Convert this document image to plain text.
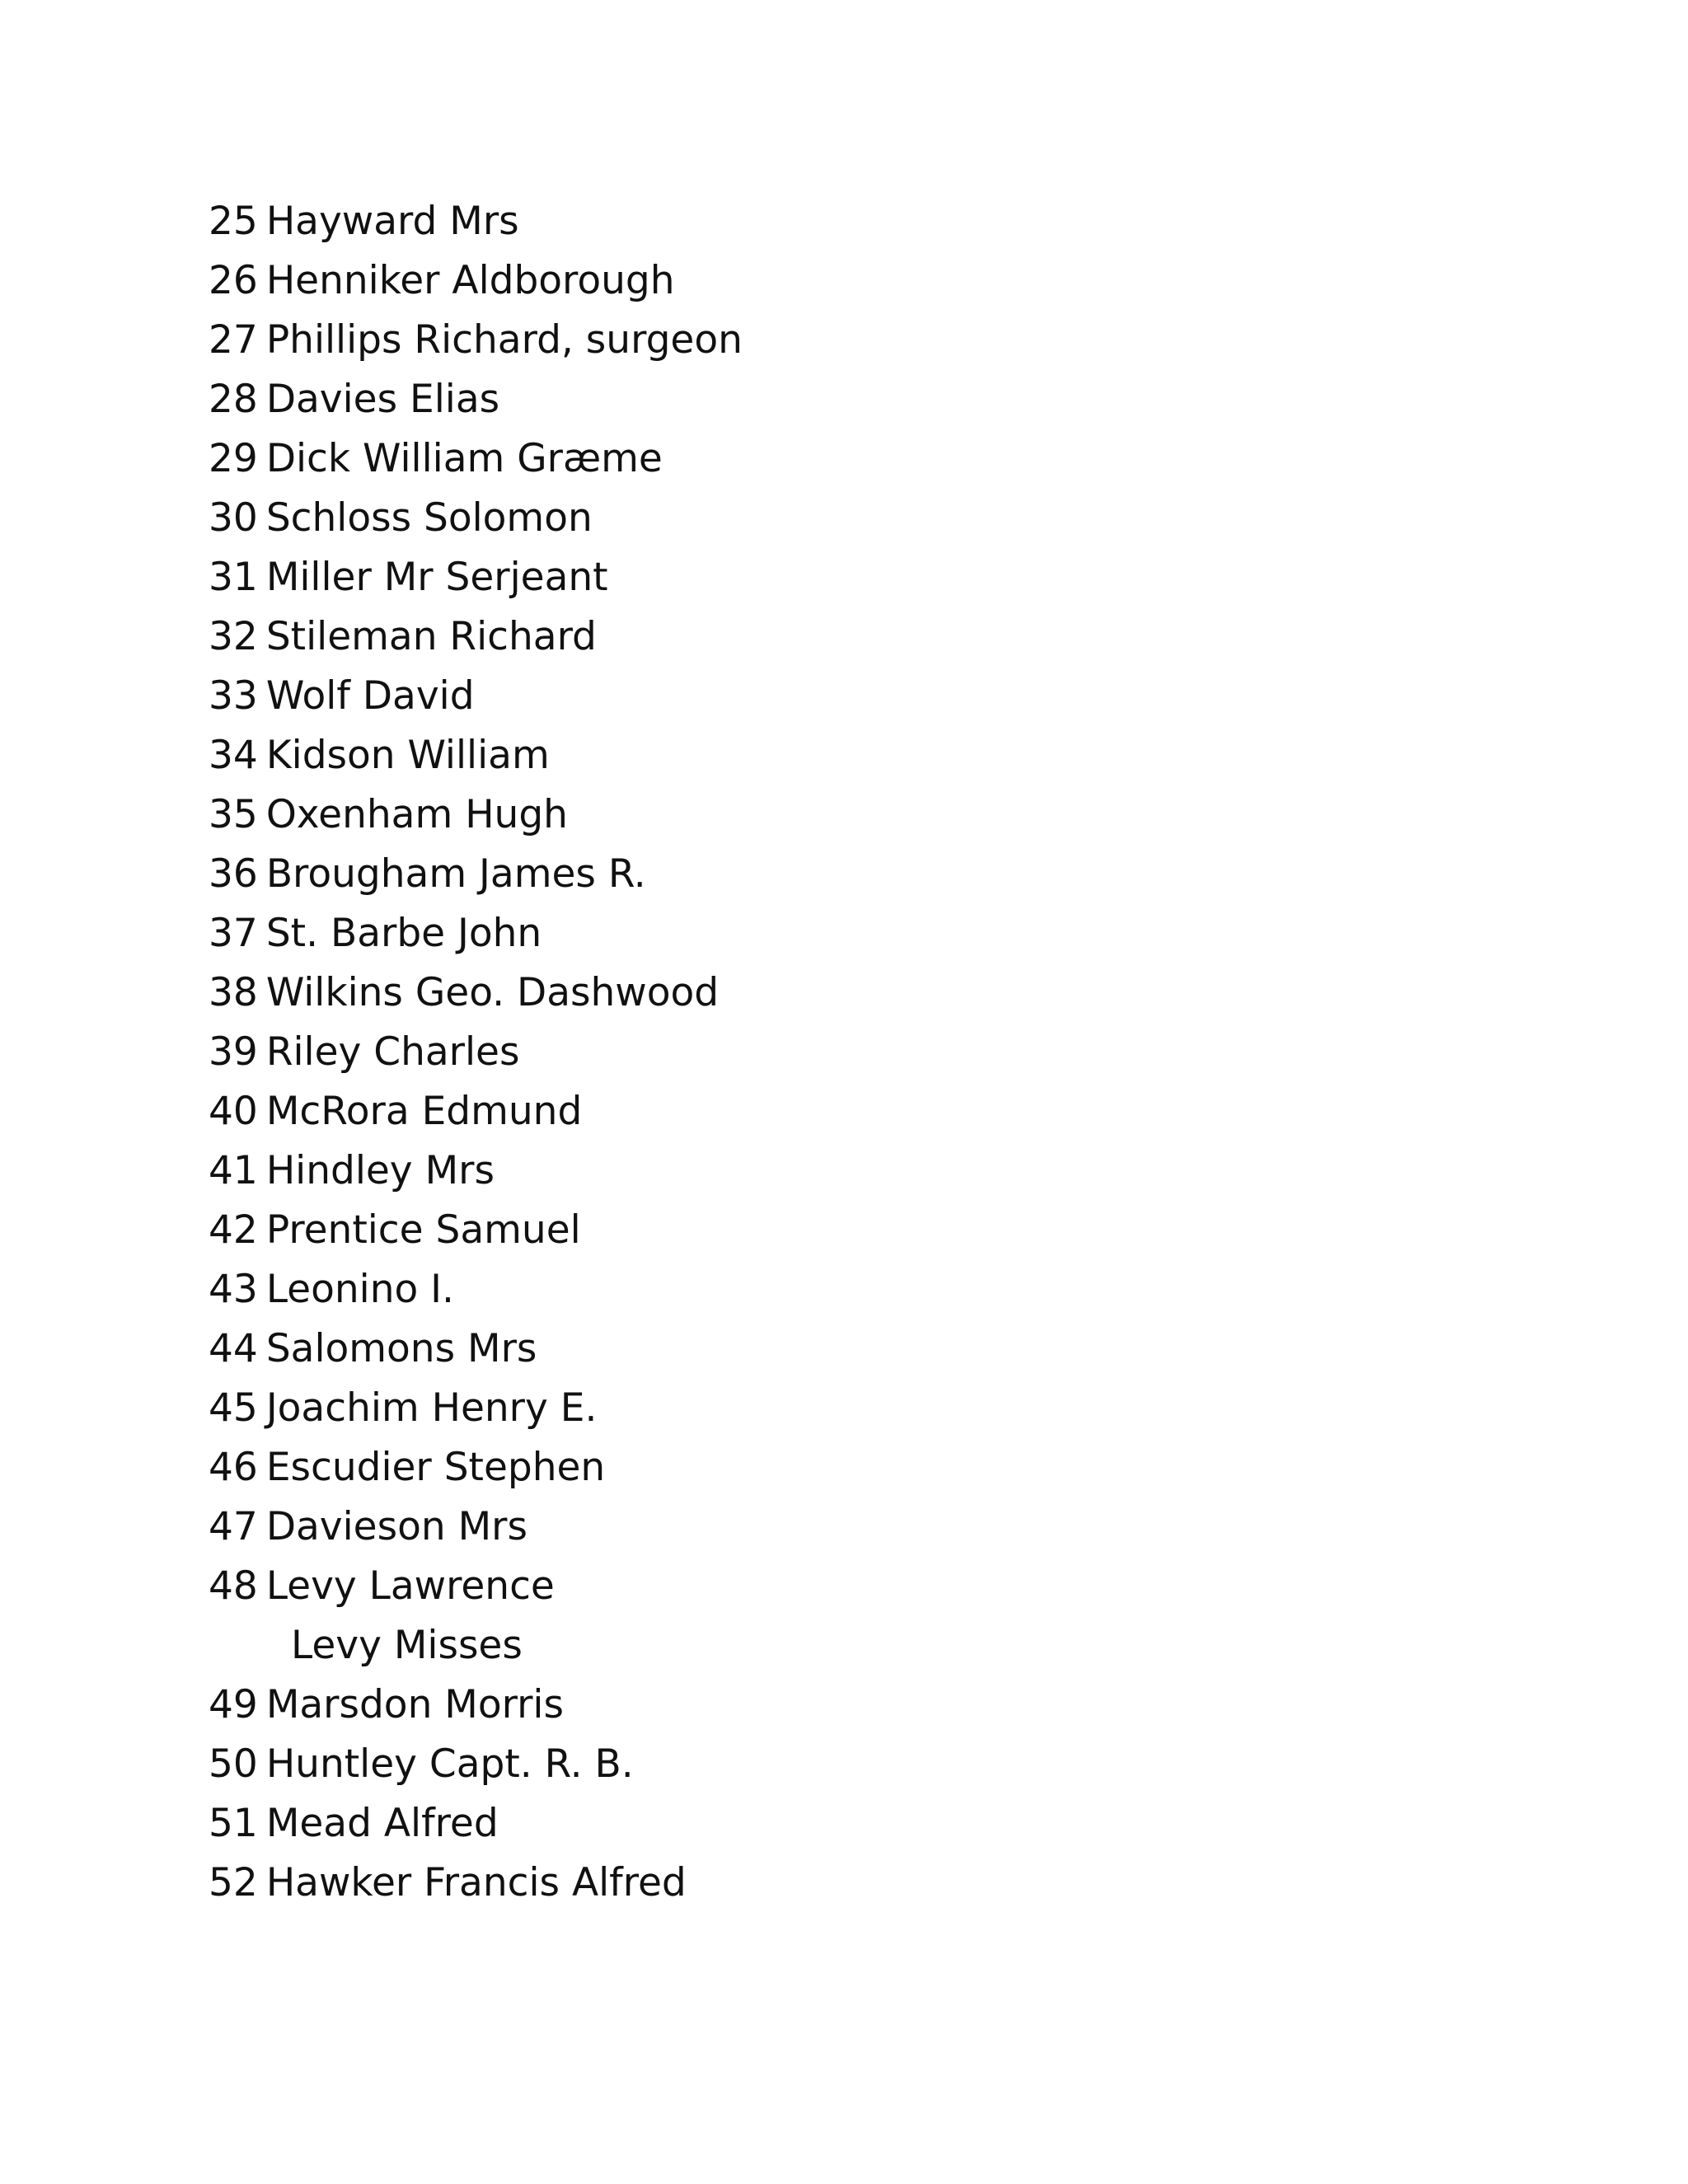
25 Hayward Mrs
26 Henniker Aldborough
27 Phillips Richard, surgeon
28 Davies Elias
29 Dick William Græme
30 Schloss Solomon
31 Miller Mr Serjeant
32 Stileman Richard
33 Wolf David
34 Kidson William
35 Oxenham Hugh
36 Brougham James R.
37 St. Barbe John
38 Wilkins Geo. Dashwood
39 Riley Charles
40 McRora Edmund
41 Hindley Mrs
42 Prentice Samuel
43 Leonino I.
44 Salomons Mrs
45 Joachim Henry E.
46 Escudier Stephen
47 Davieson Mrs
48 Levy Lawrence
Levy Misses
49 Marsdon Morris
50 Huntley Capt. R. B.
51 Mead Alfred
52 Hawker Francis Alfred
